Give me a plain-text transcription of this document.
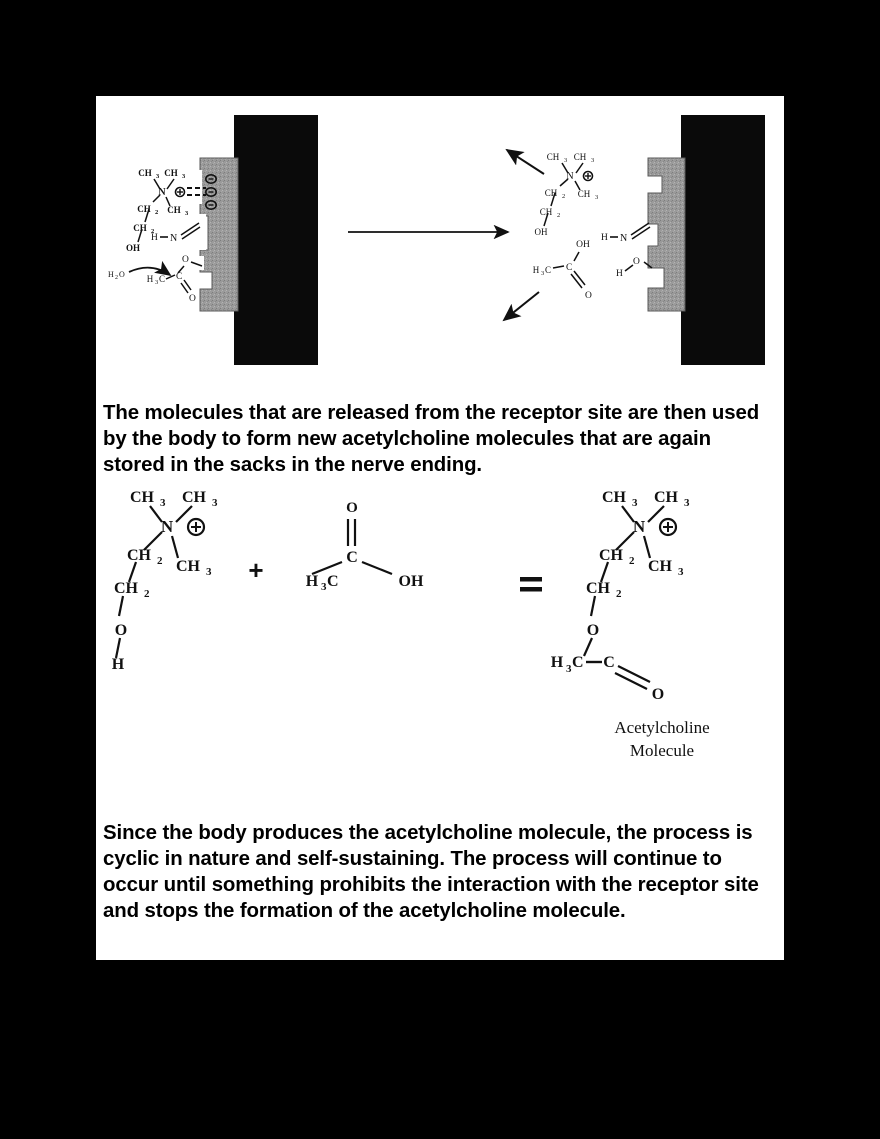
CH 3 CH 3
N
CH 2 CH 3
CH 2
OH
H N
O
H 3 C C
O
H 2 O
H N
H
O
CH 3 CH 3
N
CH 2 CH 3
CH 2
OH
OH
C
H 3 C
O

The molecules that are released from the receptor site are then used by the body to form new acetylcholine molecules that are again stored in the sacks in the nerve ending.

CH 3 CH 3
N
CH 2 CH 3
CH 2
O
H
+
O
C
H 3 C	OH
CH 3 CH 3
N
CH 2 CH 3
CH 2
O
H 3 C C
O
Acetylcholine
Molecule

Since the body produces the acetylcholine molecule, the process is cyclic in nature and self-sustaining. The process will continue to occur until something prohibits the interaction with the receptor site and stops the formation of the acetylcholine molecule.
